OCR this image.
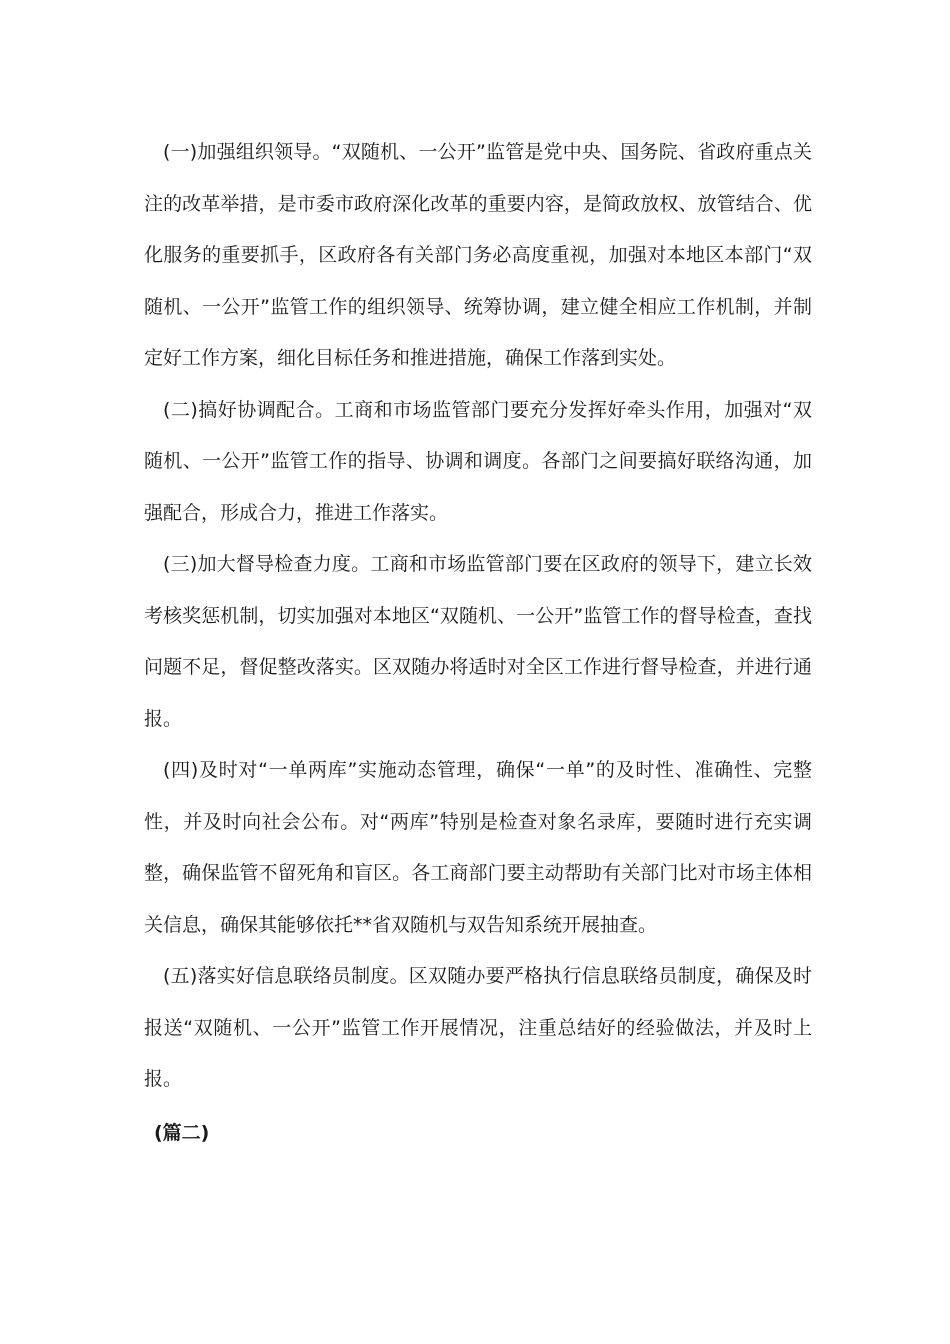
(一)加强组织领导。“双随机、一公开”监管是党中央、国务院、省政府重点关注的改革举措，是市委市政府深化改革的重要内容，是简政放权、放管结合、优化服务的重要抓手，区政府各有关部门务必高度重视，加强对本地区本部门“双随机、一公开”监管工作的组织领导、统筹协调，建立健全相应工作机制，并制定好工作方案，细化目标任务和推进措施，确保工作落到实处。

(二)搞好协调配合。工商和市场监管部门要充分发挥好牵头作用，加强对“双随机、一公开”监管工作的指导、协调和调度。各部门之间要搞好联络沟通，加强配合，形成合力，推进工作落实。

(三)加大督导检查力度。工商和市场监管部门要在区政府的领导下，建立长效考核奖惩机制，切实加强对本地区“双随机、一公开”监管工作的督导检查，查找问题不足，督促整改落实。区双随办将适时对全区工作进行督导检查，并进行通报。

(四)及时对“一单两库”实施动态管理，确保“一单”的及时性、准确性、完整性，并及时向社会公布。对“两库”特别是检查对象名录库，要随时进行充实调整，确保监管不留死角和盲区。各工商部门要主动帮助有关部门比对市场主体相关信息，确保其能够依托**省双随机与双告知系统开展抽查。

(五)落实好信息联络员制度。区双随办要严格执行信息联络员制度，确保及时报送“双随机、一公开”监管工作开展情况，注重总结好的经验做法，并及时上报。

(篇二)
